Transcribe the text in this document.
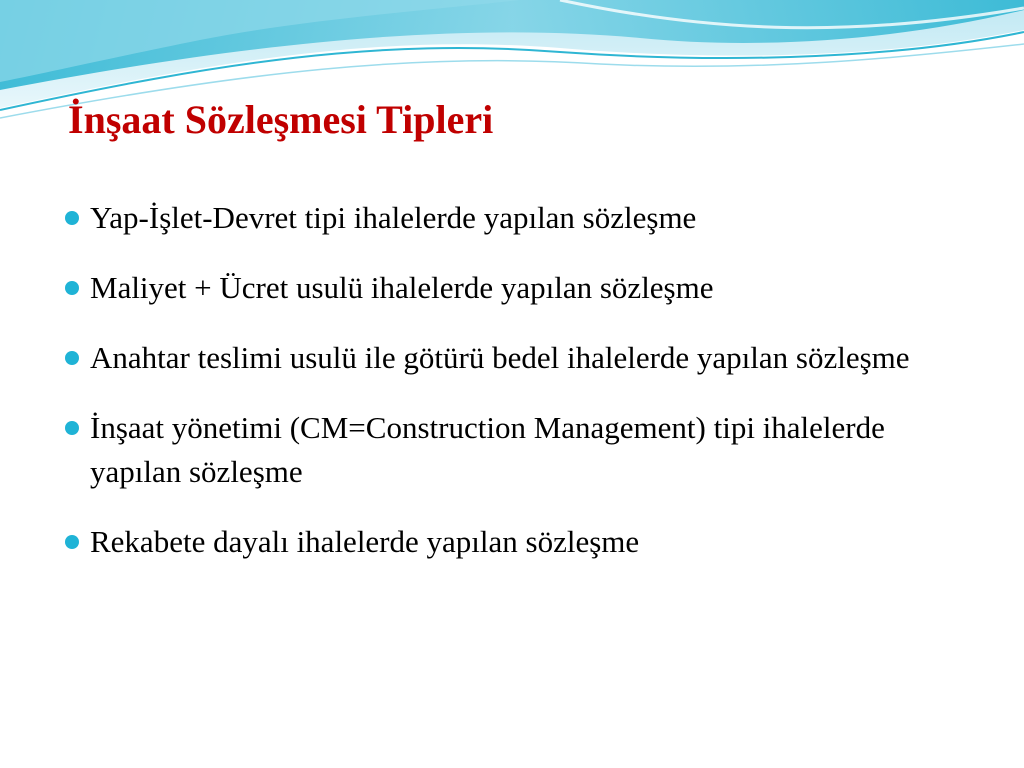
İnşaat Sözleşmesi Tipleri
Yap-İşlet-Devret tipi ihalelerde yapılan sözleşme
Maliyet + Ücret usulü ihalelerde yapılan sözleşme
Anahtar teslimi usulü ile götürü bedel ihalelerde yapılan sözleşme
İnşaat yönetimi (CM=Construction Management) tipi ihalelerde yapılan sözleşme
Rekabete dayalı ihalelerde yapılan sözleşme
